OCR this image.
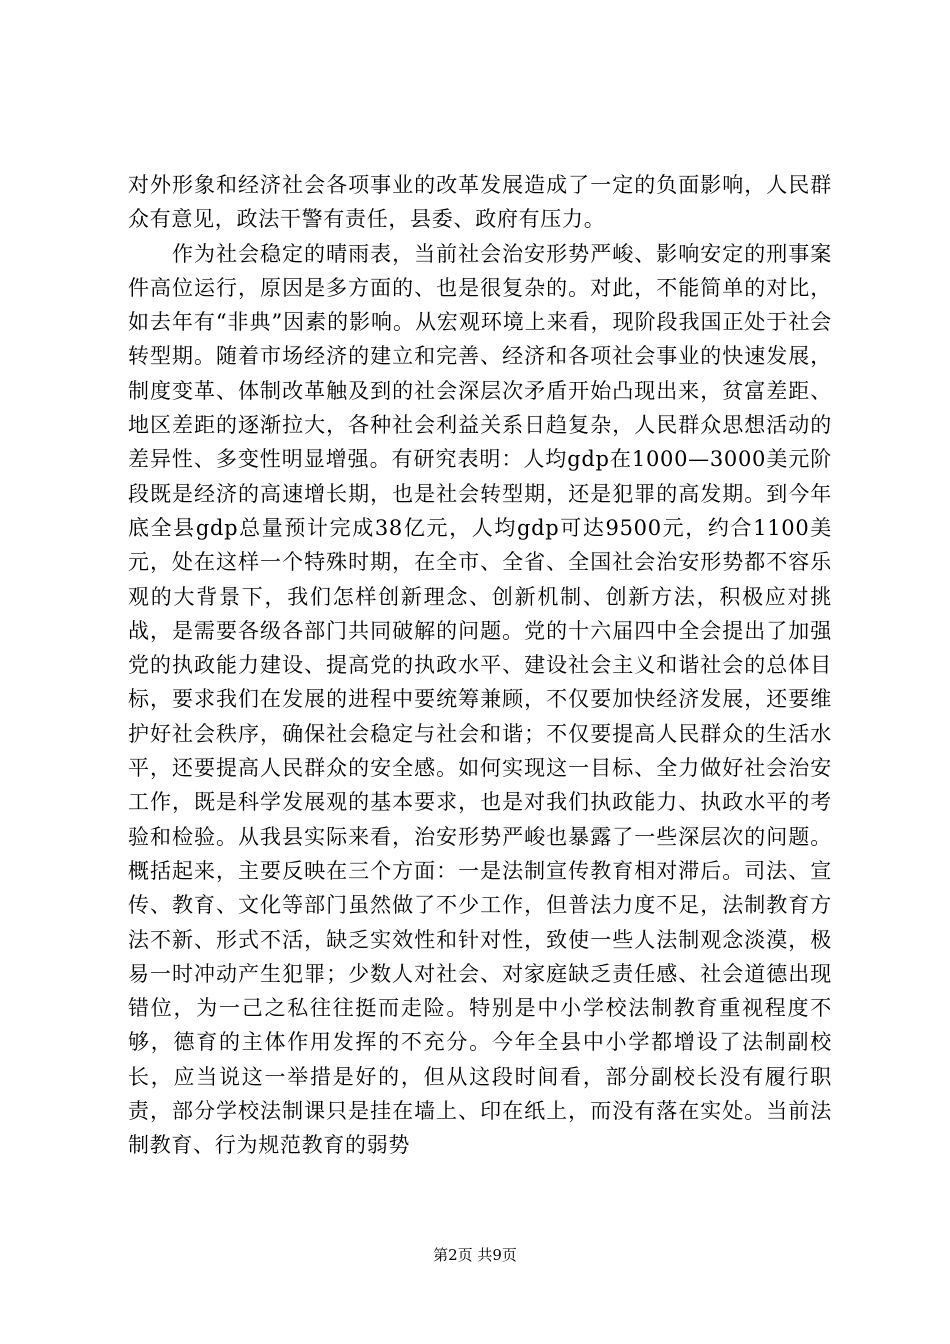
对外形象和经济社会各项事业的改革发展造成了一定的负面影响，人民群众有意见，政法干警有责任，县委、政府有压力。

作为社会稳定的晴雨表，当前社会治安形势严峻、影响安定的刑事案件高位运行，原因是多方面的、也是很复杂的。对此，不能简单的对比，如去年有“非典”因素的影响。从宏观环境上来看，现阶段我国正处于社会转型期。随着市场经济的建立和完善、经济和各项社会事业的快速发展，制度变革、体制改革触及到的社会深层次矛盾开始凸现出来，贫富差距、地区差距的逐渐拉大，各种社会利益关系日趋复杂，人民群众思想活动的差异性、多变性明显增强。有研究表明：人均gdp在1000—3000美元阶段既是经济的高速增长期，也是社会转型期，还是犯罪的高发期。到今年底全县gdp总量预计完成38亿元，人均gdp可达9500元，约合1100美元，处在这样一个特殊时期，在全市、全省、全国社会治安形势都不容乐观的大背景下，我们怎样创新理念、创新机制、创新方法，积极应对挑战，是需要各级各部门共同破解的问题。党的十六届四中全会提出了加强党的执政能力建设、提高党的执政水平、建设社会主义和谐社会的总体目标，要求我们在发展的进程中要统筹兼顾，不仅要加快经济发展，还要维护好社会秩序，确保社会稳定与社会和谐；不仅要提高人民群众的生活水平，还要提高人民群众的安全感。如何实现这一目标、全力做好社会治安工作，既是科学发展观的基本要求，也是对我们执政能力、执政水平的考验和检验。从我县实际来看，治安形势严峻也暴露了一些深层次的问题。概括起来，主要反映在三个方面：一是法制宣传教育相对滞后。司法、宣传、教育、文化等部门虽然做了不少工作，但普法力度不足，法制教育方法不新、形式不活，缺乏实效性和针对性，致使一些人法制观念淡漠，极易一时冲动产生犯罪；少数人对社会、对家庭缺乏责任感、社会道德出现错位，为一己之私往往挺而走险。特别是中小学校法制教育重视程度不够，德育的主体作用发挥的不充分。今年全县中小学都增设了法制副校长，应当说这一举措是好的，但从这段时间看，部分副校长没有履行职责，部分学校法制课只是挂在墙上、印在纸上，而没有落在实处。当前法制教育、行为规范教育的弱势

第2页 共9页
